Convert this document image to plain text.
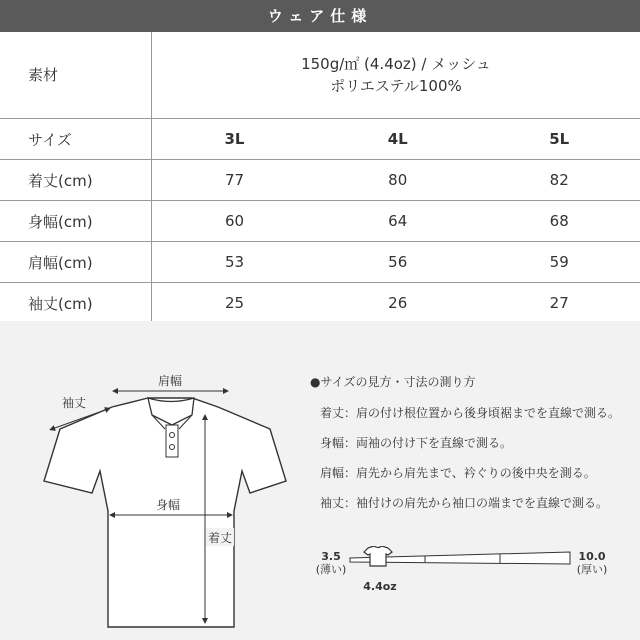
ウェア仕様
素材	150g/㎡ (4.4oz) / メッシュ
ポリエステル100%		

サイズ	3L	4L	5L
着丈(cm)	77	80	82
身幅(cm)	60	64	68
肩幅(cm)	53	56	59
袖丈(cm)	25	26	27
肩幅
袖丈
身幅
着丈
●サイズの見方・寸法の測り方
着丈：肩の付け根位置から後身頃裾までを直線で測る。
身幅：両袖の付け下を直線で測る。
肩幅：肩先から肩先まで、衿ぐりの後中央を測る。
袖丈：袖付けの肩先から袖口の端までを直線で測る。
3.5
(薄い)
4.4oz
10.0
(厚い)
